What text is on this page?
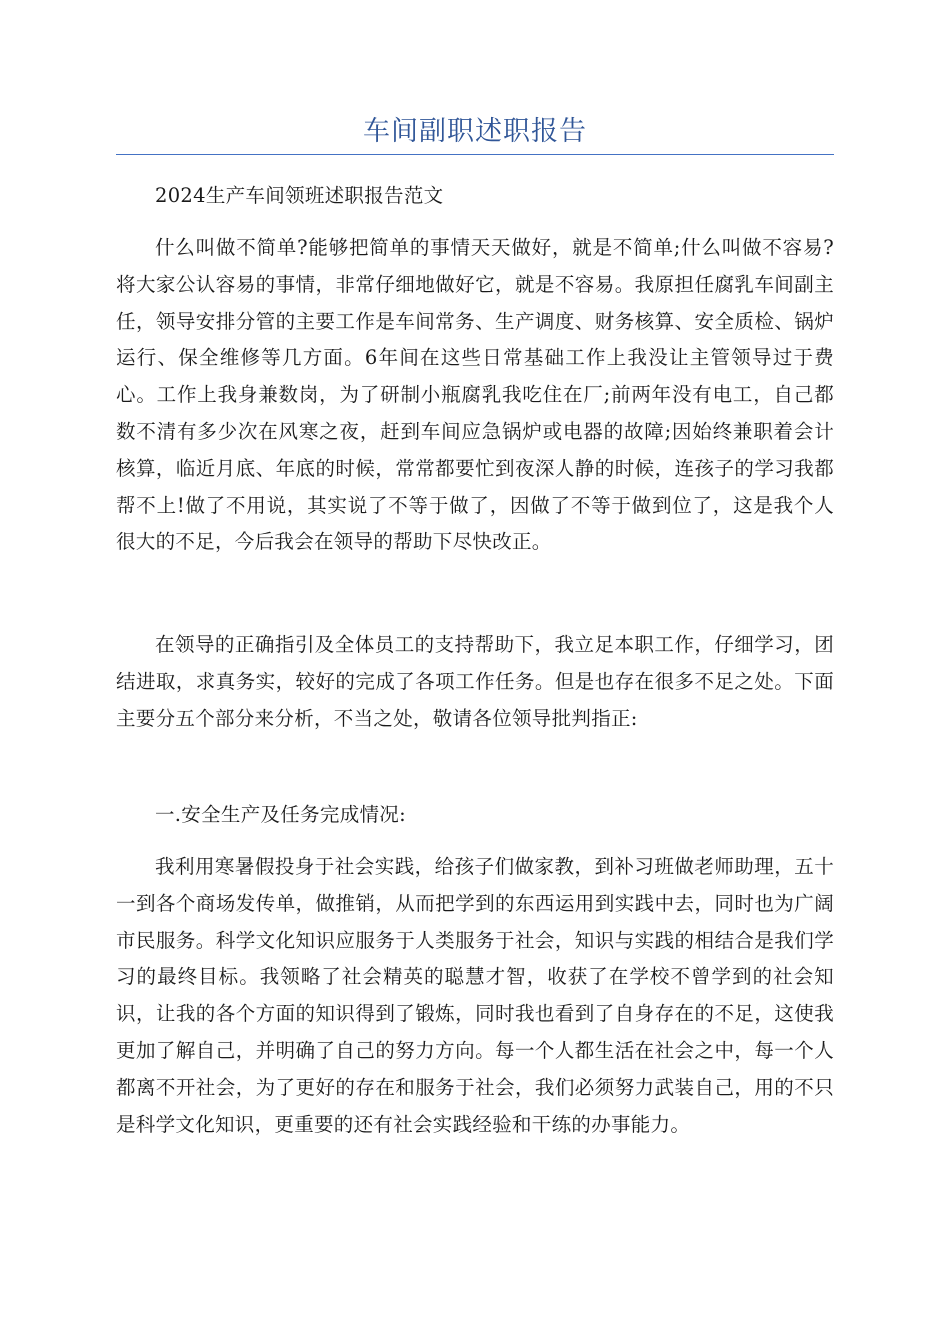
车间副职述职报告

2024生产车间领班述职报告范文

什么叫做不简单?能够把简单的事情天天做好，就是不简单;什么叫做不容易?将大家公认容易的事情，非常仔细地做好它，就是不容易。我原担任腐乳车间副主任，领导安排分管的主要工作是车间常务、生产调度、财务核算、安全质检、锅炉运行、保全维修等几方面。6年间在这些日常基础工作上我没让主管领导过于费心。工作上我身兼数岗，为了研制小瓶腐乳我吃住在厂;前两年没有电工，自己都数不清有多少次在风寒之夜，赶到车间应急锅炉或电器的故障;因始终兼职着会计核算，临近月底、年底的时候，常常都要忙到夜深人静的时候，连孩子的学习我都帮不上!做了不用说，其实说了不等于做了，因做了不等于做到位了，这是我个人很大的不足，今后我会在领导的帮助下尽快改正。

在领导的正确指引及全体员工的支持帮助下，我立足本职工作，仔细学习，团结进取，求真务实，较好的完成了各项工作任务。但是也存在很多不足之处。下面主要分五个部分来分析，不当之处，敬请各位领导批判指正:

一.安全生产及任务完成情况:

我利用寒暑假投身于社会实践，给孩子们做家教，到补习班做老师助理，五十一到各个商场发传单，做推销，从而把学到的东西运用到实践中去，同时也为广阔市民服务。科学文化知识应服务于人类服务于社会，知识与实践的相结合是我们学习的最终目标。我领略了社会精英的聪慧才智，收获了在学校不曾学到的社会知识，让我的各个方面的知识得到了锻炼，同时我也看到了自身存在的不足，这使我更加了解自己，并明确了自己的努力方向。每一个人都生活在社会之中，每一个人都离不开社会，为了更好的存在和服务于社会，我们必须努力武装自己，用的不只是科学文化知识，更重要的还有社会实践经验和干练的办事能力。
